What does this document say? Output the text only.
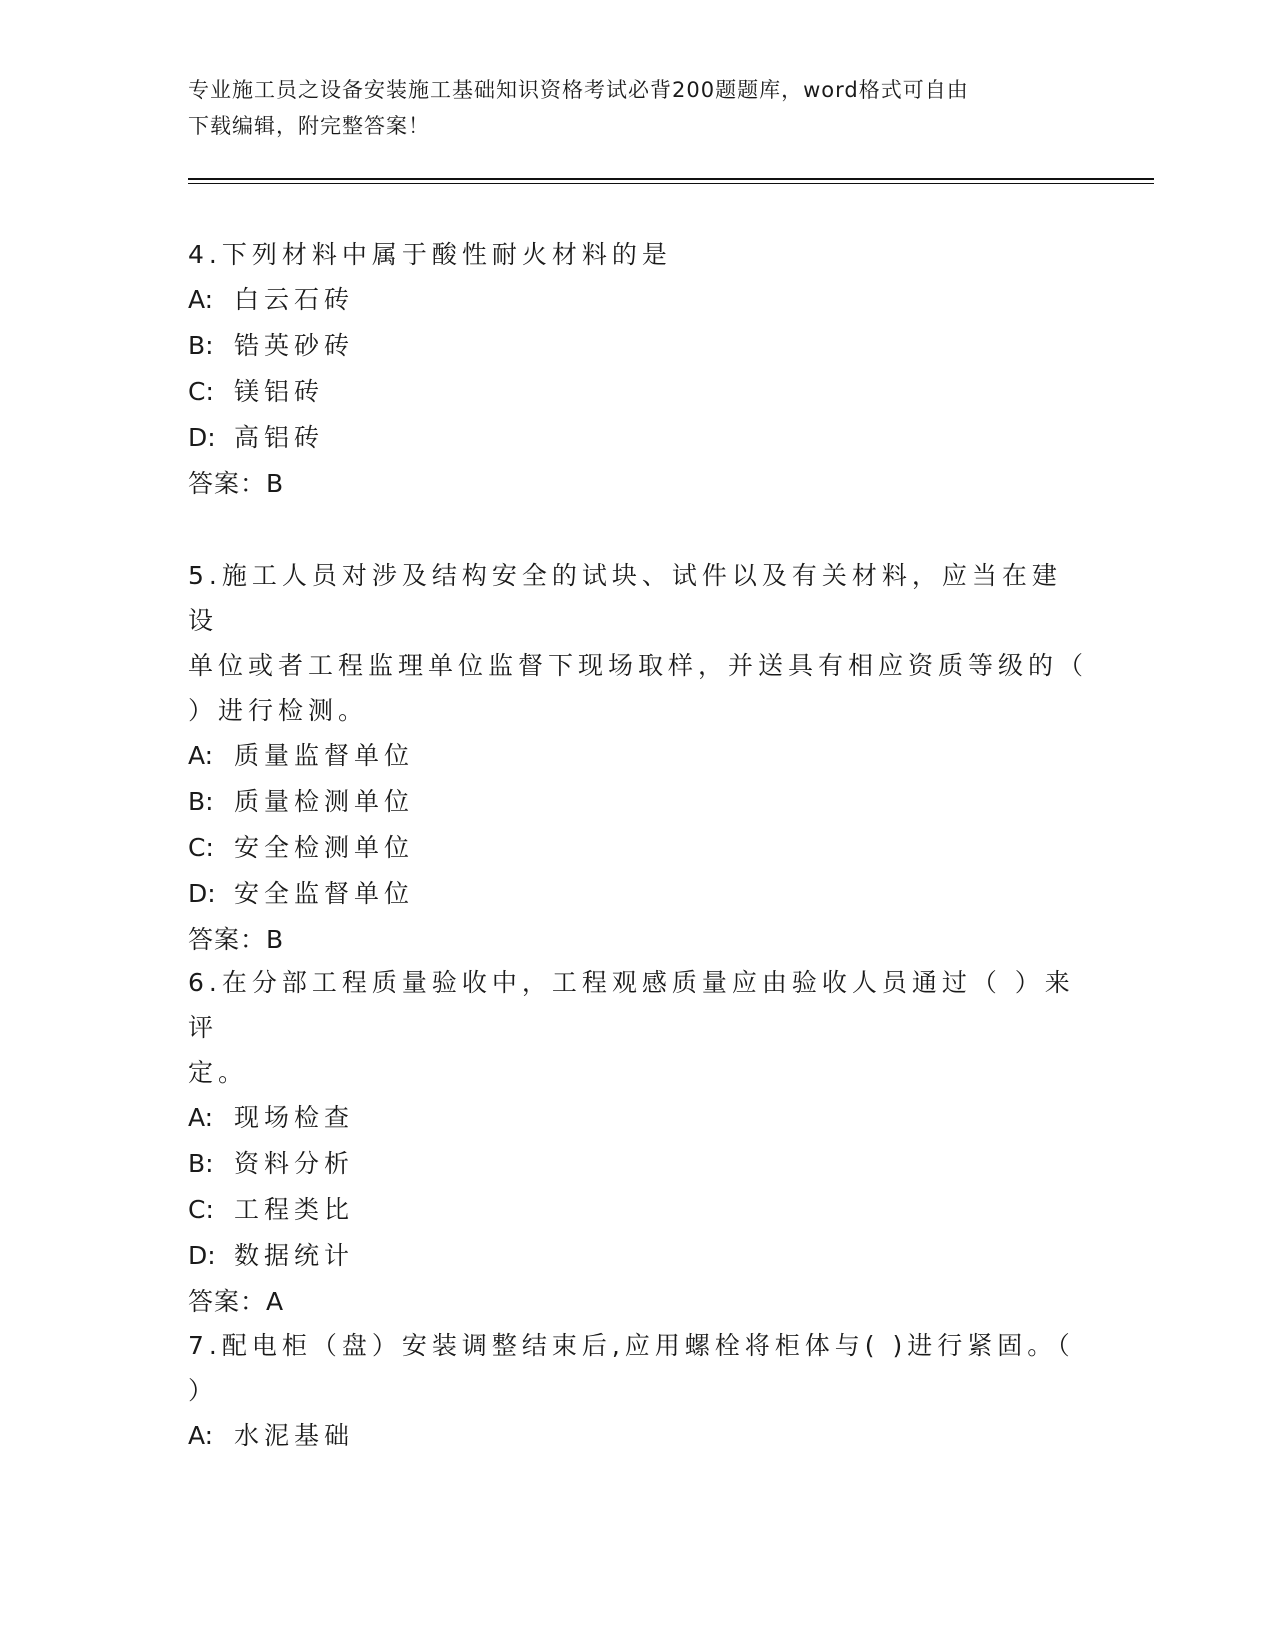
专业施工员之设备安装施工基础知识资格考试必背200题题库，word格式可自由
下载编辑，附完整答案！
4.下列材料中属于酸性耐火材料的是
A: 白云石砖
B: 锆英砂砖
C: 镁铝砖
D: 高铝砖
答案：B
5.施工人员对涉及结构安全的试块、试件以及有关材料，应当在建设
单位或者工程监理单位监督下现场取样，并送具有相应资质等级的（
）进行检测。
A: 质量监督单位
B: 质量检测单位
C: 安全检测单位
D: 安全监督单位
答案：B
6.在分部工程质量验收中，工程观感质量应由验收人员通过（ ）来评
定。
A: 现场检查
B: 资料分析
C: 工程类比
D: 数据统计
答案：A
7.配电柜（盘）安装调整结束后,应用螺栓将柜体与( )进行紧固。（
）
A: 水泥基础
